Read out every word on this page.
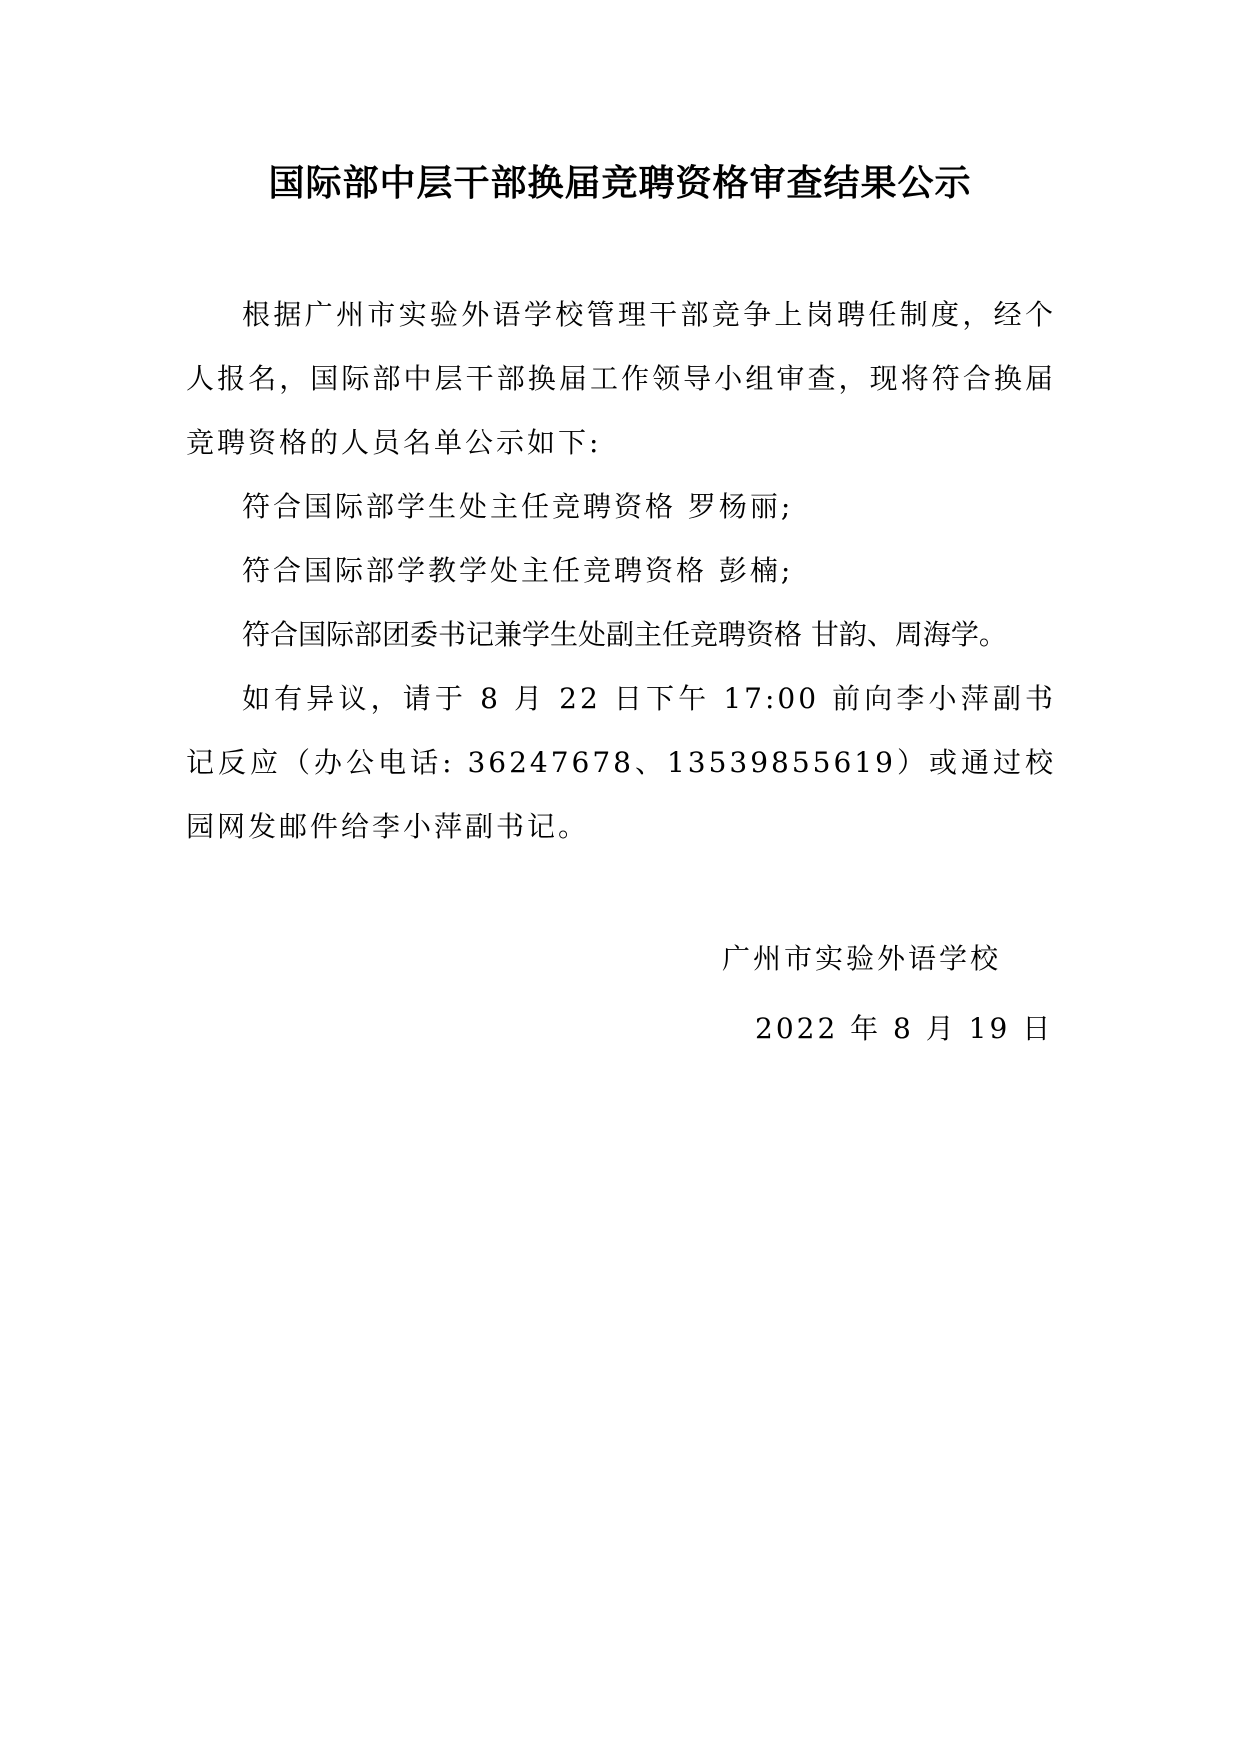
国际部中层干部换届竞聘资格审查结果公示

根据广州市实验外语学校管理干部竞争上岗聘任制度，经个人报名，国际部中层干部换届工作领导小组审查，现将符合换届竞聘资格的人员名单公示如下:

符合国际部学生处主任竞聘资格 罗杨丽;

符合国际部学教学处主任竞聘资格 彭楠;

符合国际部团委书记兼学生处副主任竞聘资格 甘韵、周海学。

如有异议，请于 8 月 22 日下午 17:00 前向李小萍副书记反应（办公电话: 36247678、13539855619）或通过校园网发邮件给李小萍副书记。

广州市实验外语学校
2022 年 8 月 19 日
